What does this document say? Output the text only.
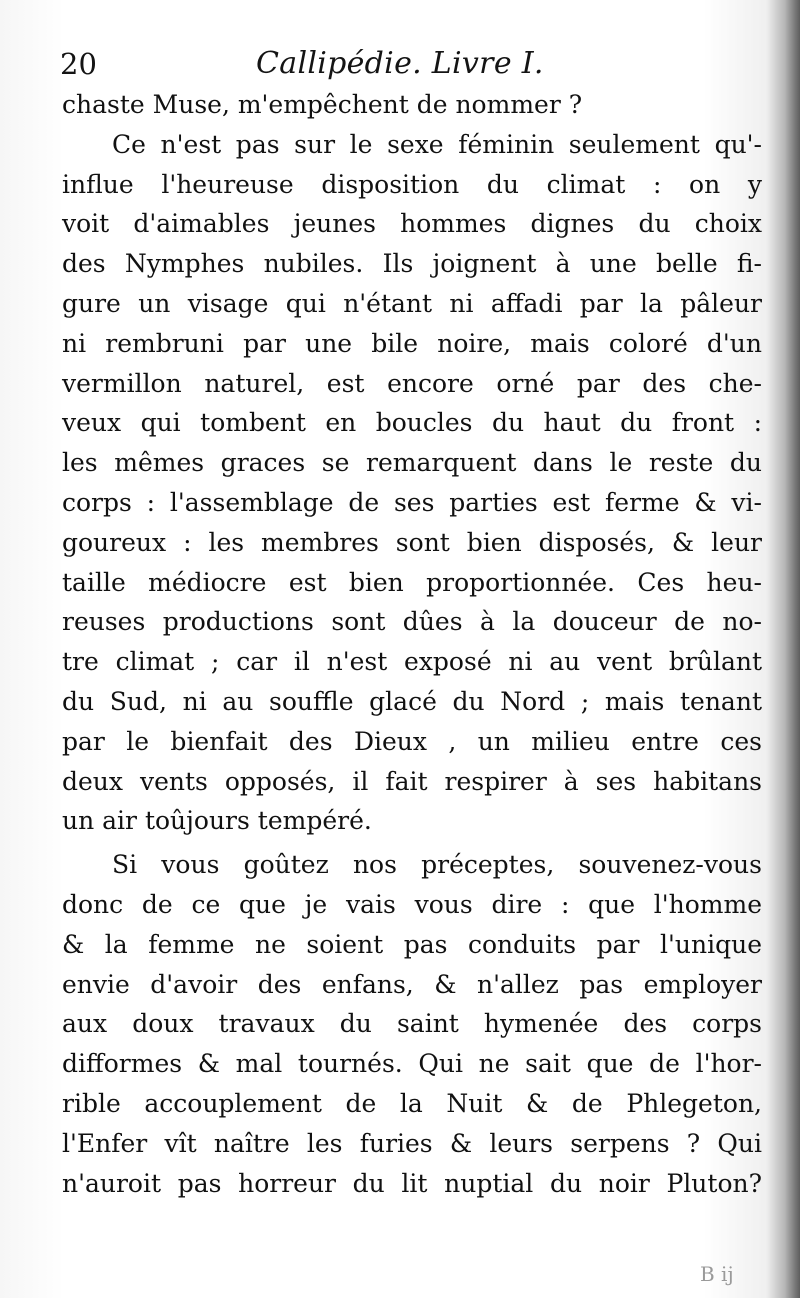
20	Callipédie. Livre I.
chaste Muse, m'empêchent de nommer ?
Ce n'est pas sur le sexe féminin seulement qu'-
influe l'heureuse disposition du climat : on y
voit d'aimables jeunes hommes dignes du choix
des Nymphes nubiles. Ils joignent à une belle fi-
gure un visage qui n'étant ni affadi par la pâleur
ni rembruni par une bile noire, mais coloré d'un
vermillon naturel, est encore orné par des che-
veux qui tombent en boucles du haut du front :
les mêmes graces se remarquent dans le reste du
corps : l'assemblage de ses parties est ferme & vi-
goureux : les membres sont bien disposés, & leur
taille médiocre est bien proportionnée. Ces heu-
reuses productions sont dûes à la douceur de no-
tre climat ; car il n'est exposé ni au vent brûlant
du Sud, ni au souffle glacé du Nord ; mais tenant
par le bienfait des Dieux , un milieu entre ces
deux vents opposés, il fait respirer à ses habitans
un air toûjours tempéré.
Si vous goûtez nos préceptes, souvenez-vous
donc de ce que je vais vous dire : que l'homme
& la femme ne soient pas conduits par l'unique
envie d'avoir des enfans, & n'allez pas employer
aux doux travaux du saint hymenée des corps
difformes & mal tournés. Qui ne sait que de l'hor-
rible accouplement de la Nuit & de Phlegeton,
l'Enfer vît naître les furies & leurs serpens ? Qui
n'auroit pas horreur du lit nuptial du noir Pluton?
B ij
